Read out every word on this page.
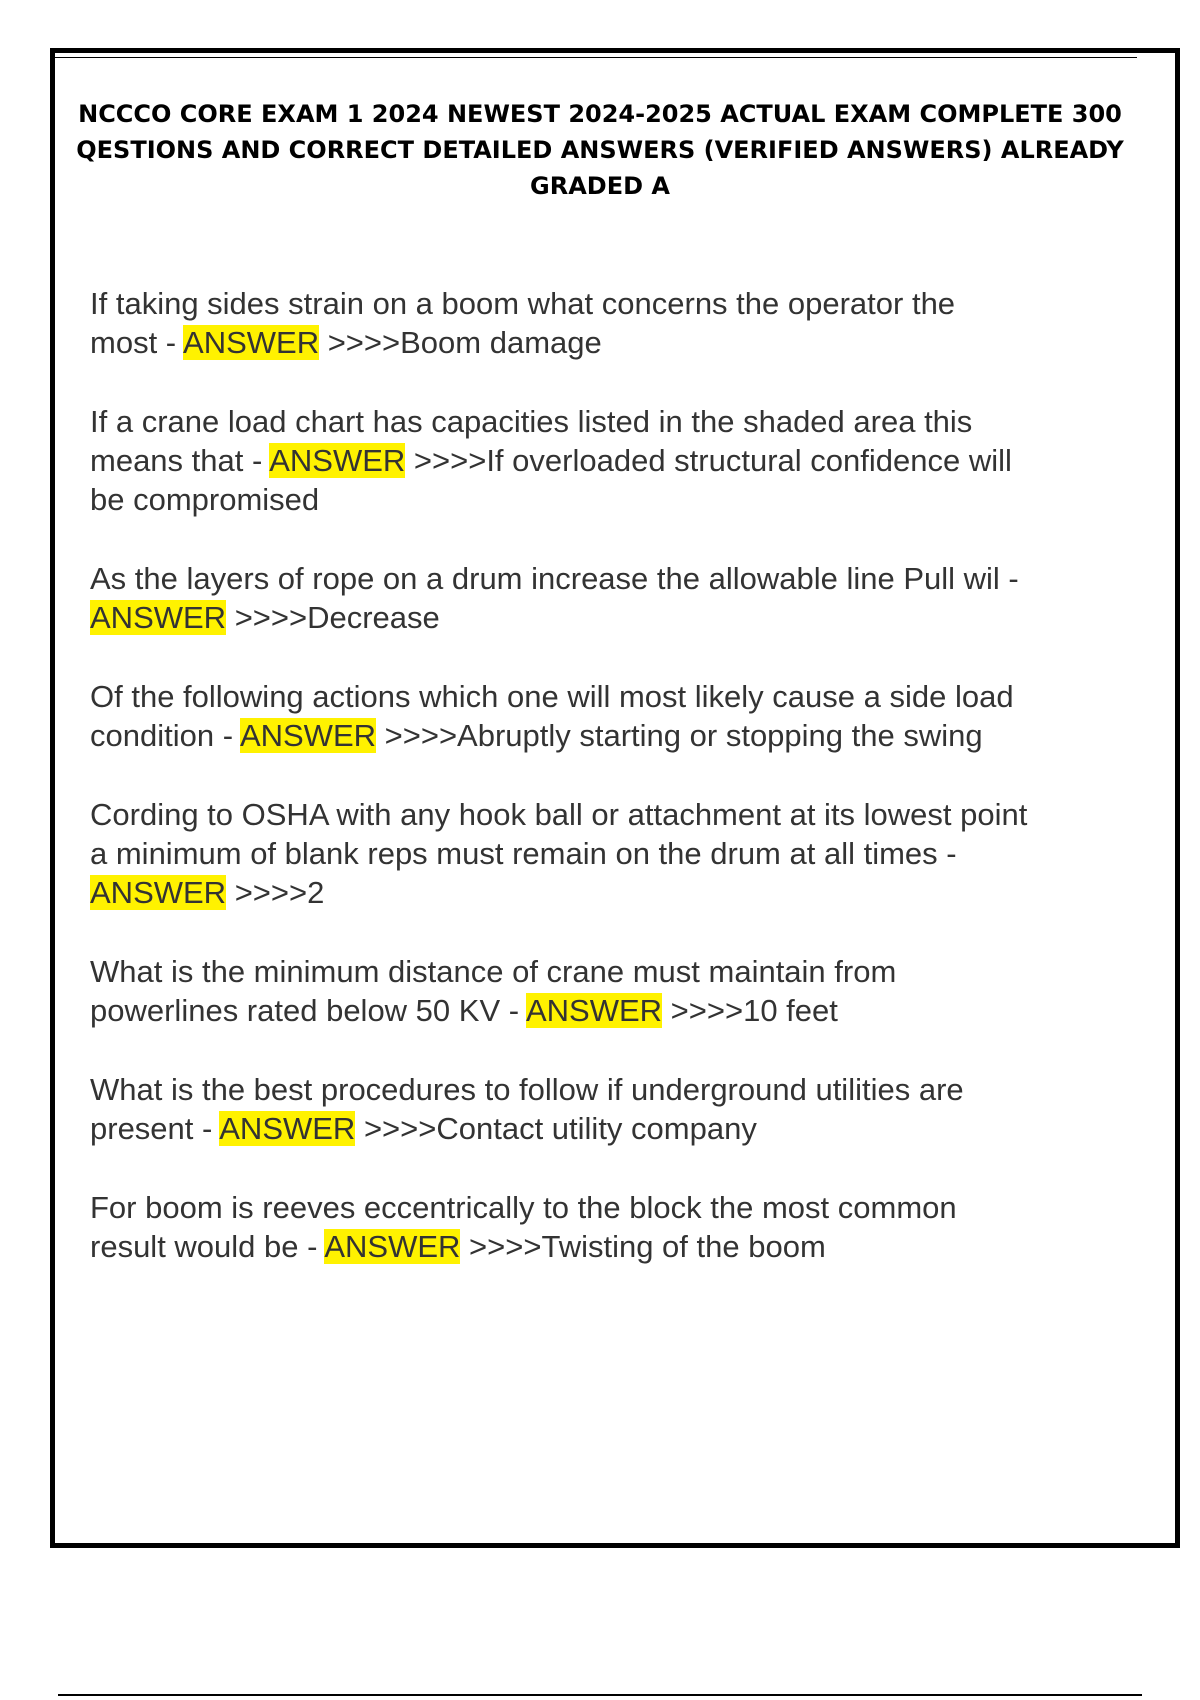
NCCCO CORE EXAM 1 2024 NEWEST 2024-2025 ACTUAL EXAM COMPLETE 300 QESTIONS AND CORRECT DETAILED ANSWERS (VERIFIED ANSWERS) ALREADY GRADED A

If taking sides strain on a boom what concerns the operator the most - ANSWER >>>>Boom damage

If a crane load chart has capacities listed in the shaded area this means that - ANSWER >>>>If overloaded structural confidence will be compromised

As the layers of rope on a drum increase the allowable line Pull wil - ANSWER >>>>Decrease

Of the following actions which one will most likely cause a side load condition - ANSWER >>>>Abruptly starting or stopping the swing

Cording to OSHA with any hook ball or attachment at its lowest point a minimum of blank reps must remain on the drum at all times - ANSWER >>>>2

What is the minimum distance of crane must maintain from powerlines rated below 50 KV - ANSWER >>>>10 feet

What is the best procedures to follow if underground utilities are present - ANSWER >>>>Contact utility company

For boom is reeves eccentrically to the block the most common result would be - ANSWER >>>>Twisting of the boom
